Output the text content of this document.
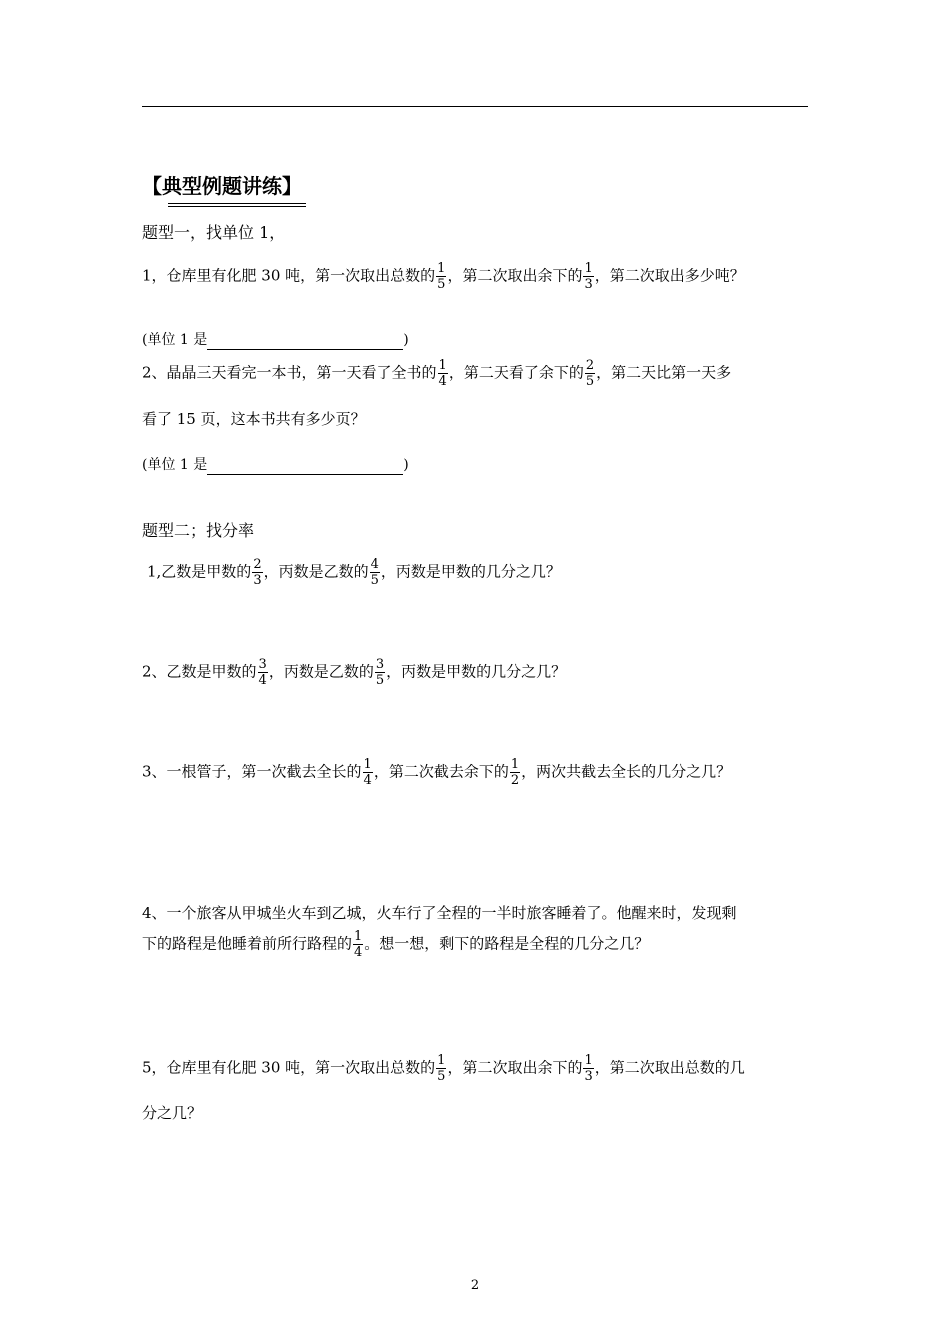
【典型例题讲练】
题型一，找单位 1，
1，仓库里有化肥 30 吨，第一次取出总数的 $\frac{1}{5}$ ，第二次取出余下的 $\frac{1}{3}$ ，第二次取出多少吨？
(单位 1 是	)
2、晶晶三天看完一本书，第一天看了全书的 $\frac{1}{4}$ ，第二天看了余下的 $\frac{2}{5}$ ，第二天比第一天多
看了 15 页，这本书共有多少页？
(单位 1 是	)
题型二；找分率
1,乙数是甲数的 $\frac{2}{3}$ ，丙数是乙数的 $\frac{4}{5}$ ，丙数是甲数的几分之几？
2、乙数是甲数的 $\frac{3}{4}$ ，丙数是乙数的 $\frac{3}{5}$ ，丙数是甲数的几分之几？
3、一根管子，第一次截去全长的 $\frac{1}{4}$ ，第二次截去余下的 $\frac{1}{2}$ ，两次共截去全长的几分之几？
4、一个旅客从甲城坐火车到乙城，火车行了全程的一半时旅客睡着了。他醒来时，发现剩
下的路程是他睡着前所行路程的 $\frac{1}{4}$ 。想一想，剩下的路程是全程的几分之几？
5，仓库里有化肥 30 吨，第一次取出总数的 $\frac{1}{5}$ ，第二次取出余下的 $\frac{1}{3}$ ，第二次取出总数的几
分之几？
2
